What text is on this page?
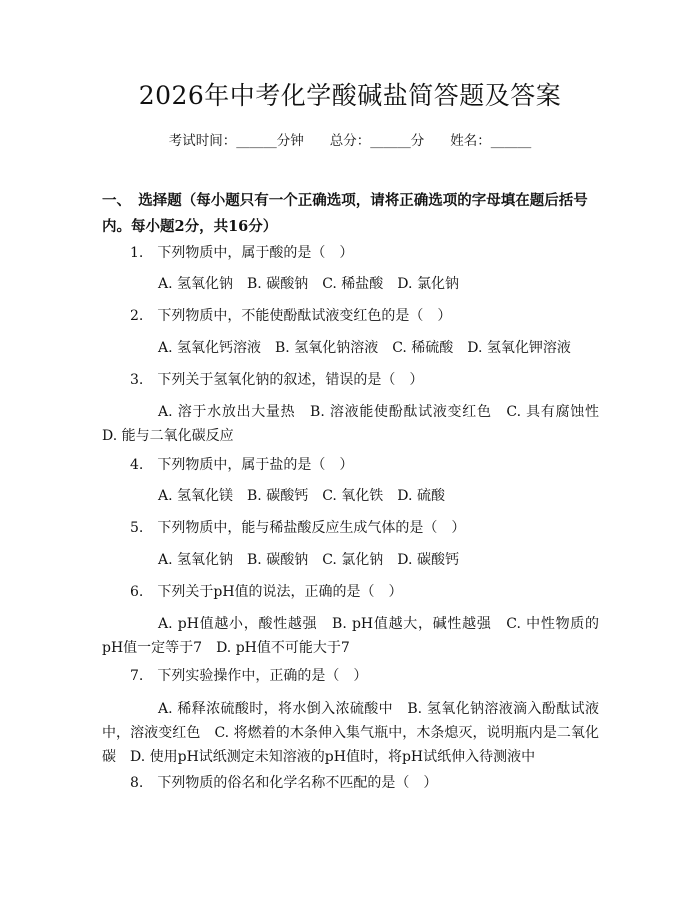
2026年中考化学酸碱盐简答题及答案
考试时间：______分钟 总分：______分 姓名：______
一、　选择题（每小题只有一个正确选项，请将正确选项的字母填在题后括号内。每小题2分，共16分）
1.　下列物质中，属于酸的是（　）
A. 氢氧化钠　B. 碳酸钠　C. 稀盐酸　D. 氯化钠
2.　下列物质中，不能使酚酞试液变红色的是（　）
A. 氢氧化钙溶液　B. 氢氧化钠溶液　C. 稀硫酸　D. 氢氧化钾溶液
3.　下列关于氢氧化钠的叙述，错误的是（　）
A. 溶于水放出大量热　B. 溶液能使酚酞试液变红色　C. 具有腐蚀性　D. 能与二氧化碳反应
4.　下列物质中，属于盐的是（　）
A. 氢氧化镁　B. 碳酸钙　C. 氧化铁　D. 硫酸
5.　下列物质中，能与稀盐酸反应生成气体的是（　）
A. 氢氧化钠　B. 碳酸钠　C. 氯化钠　D. 碳酸钙
6.　下列关于pH值的说法，正确的是（　）
A. pH值越小，酸性越强　B. pH值越大，碱性越强　C. 中性物质的pH值一定等于7　D. pH值不可能大于7
7.　下列实验操作中，正确的是（　）
A. 稀释浓硫酸时，将水倒入浓硫酸中　B. 氢氧化钠溶液滴入酚酞试液中，溶液变红色　C. 将燃着的木条伸入集气瓶中，木条熄灭，说明瓶内是二氧化碳　D. 使用pH试纸测定未知溶液的pH值时，将pH试纸伸入待测液中
8.　下列物质的俗名和化学名称不匹配的是（　）
